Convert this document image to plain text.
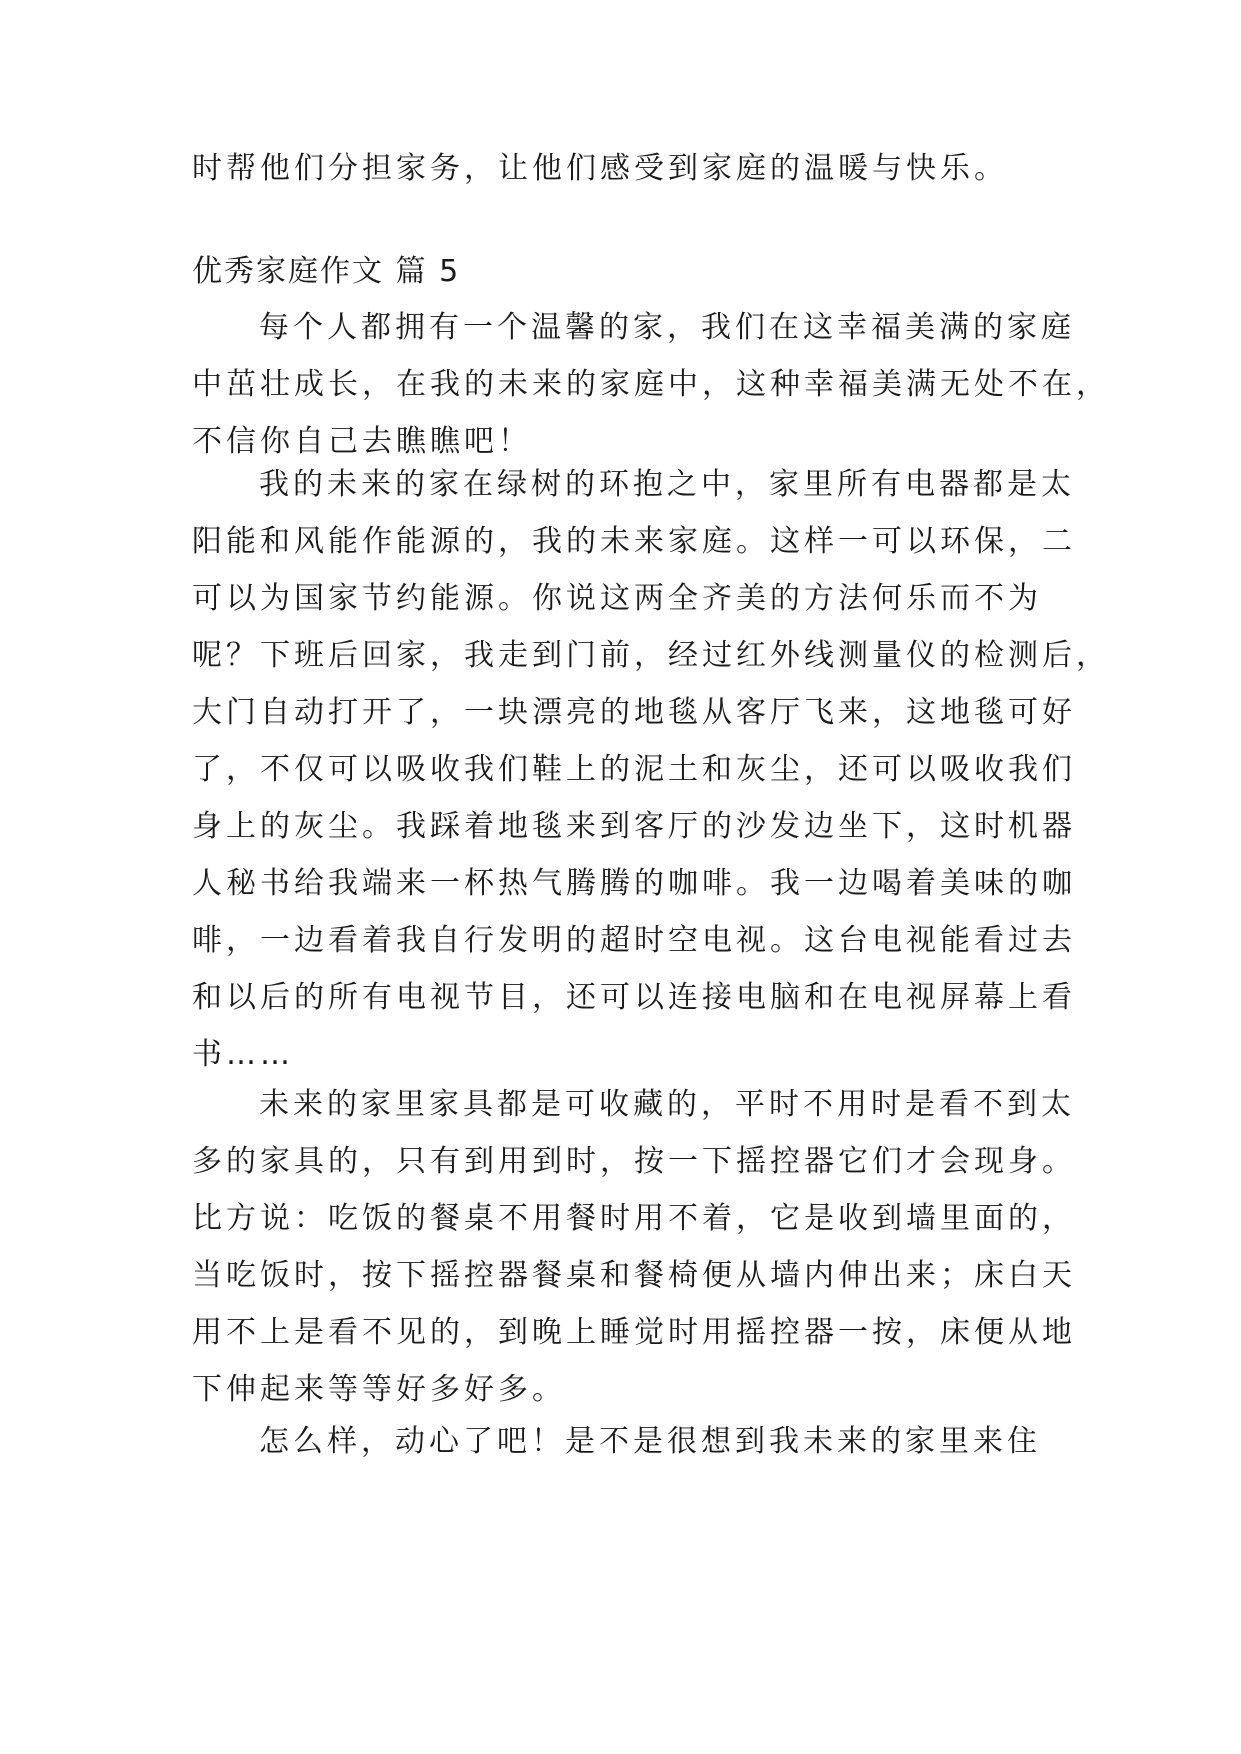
时帮他们分担家务，让他们感受到家庭的温暖与快乐。
优秀家庭作文 篇 5
每个人都拥有一个温馨的家，我们在这幸福美满的家庭
中茁壮成长，在我的未来的家庭中，这种幸福美满无处不在，
不信你自己去瞧瞧吧！
我的未来的家在绿树的环抱之中，家里所有电器都是太
阳能和风能作能源的，我的未来家庭。这样一可以环保，二
可以为国家节约能源。你说这两全齐美的方法何乐而不为
呢？下班后回家，我走到门前，经过红外线测量仪的检测后，
大门自动打开了，一块漂亮的地毯从客厅飞来，这地毯可好
了，不仅可以吸收我们鞋上的泥土和灰尘，还可以吸收我们
身上的灰尘。我踩着地毯来到客厅的沙发边坐下，这时机器
人秘书给我端来一杯热气腾腾的咖啡。我一边喝着美味的咖
啡，一边看着我自行发明的超时空电视。这台电视能看过去
和以后的所有电视节目，还可以连接电脑和在电视屏幕上看
书……
未来的家里家具都是可收藏的，平时不用时是看不到太
多的家具的，只有到用到时，按一下摇控器它们才会现身。
比方说：吃饭的餐桌不用餐时用不着，它是收到墙里面的，
当吃饭时，按下摇控器餐桌和餐椅便从墙内伸出来；床白天
用不上是看不见的，到晚上睡觉时用摇控器一按，床便从地
下伸起来等等好多好多。
怎么样，动心了吧！是不是很想到我未来的家里来住
